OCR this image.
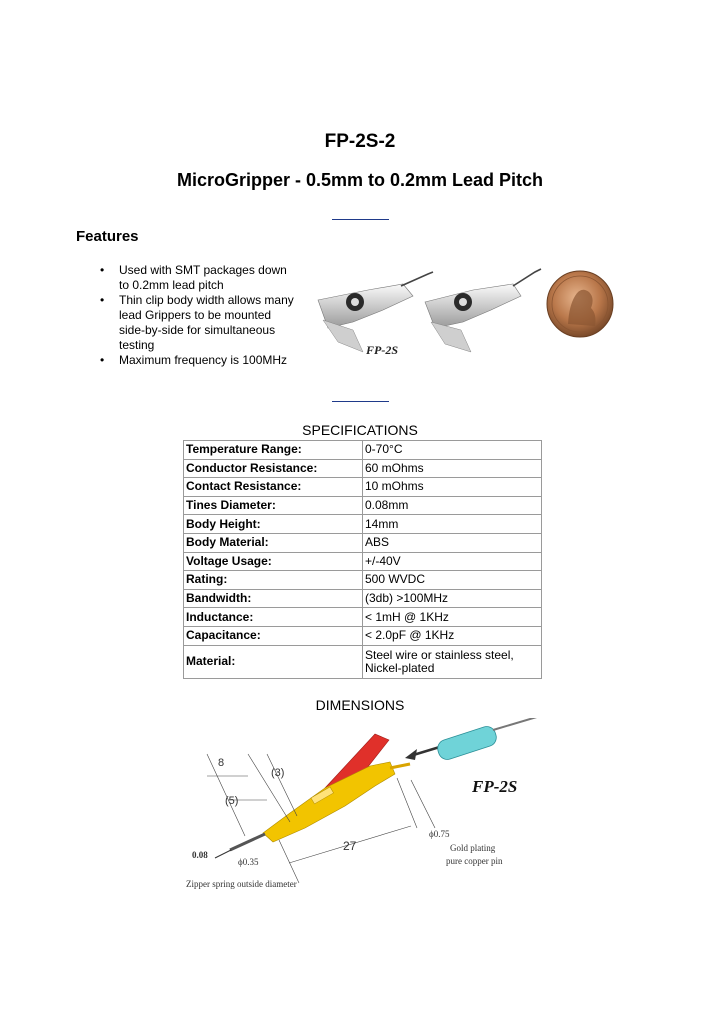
FP-2S-2
MicroGripper - 0.5mm to 0.2mm Lead Pitch
Features
• Used with SMT packages down to 0.2mm lead pitch
• Thin clip body width allows many lead Grippers to be mounted side-by-side for simultaneous testing
• Maximum frequency is 100MHz
FP-2S
SPECIFICATIONS
Temperature Range:	0-70°C
Conductor Resistance:	60 mOhms
Contact Resistance:	10 mOhms
Tines Diameter:	0.08mm
Body Height:	14mm
Body Material:	ABS
Voltage Usage:	+/-40V
Rating:	500 WVDC
Bandwidth:	(3db) >100MHz
Inductance:	< 1mH @ 1KHz
Capacitance:	< 2.0pF @ 1KHz
Material:	Steel wire or stainless steel, Nickel-plated
DIMENSIONS
FP-2S
8
(3)
(5)
27
0.08
ϕ0.35
ϕ0.75
Gold plating
pure copper pin
Zipper spring outside diameter
